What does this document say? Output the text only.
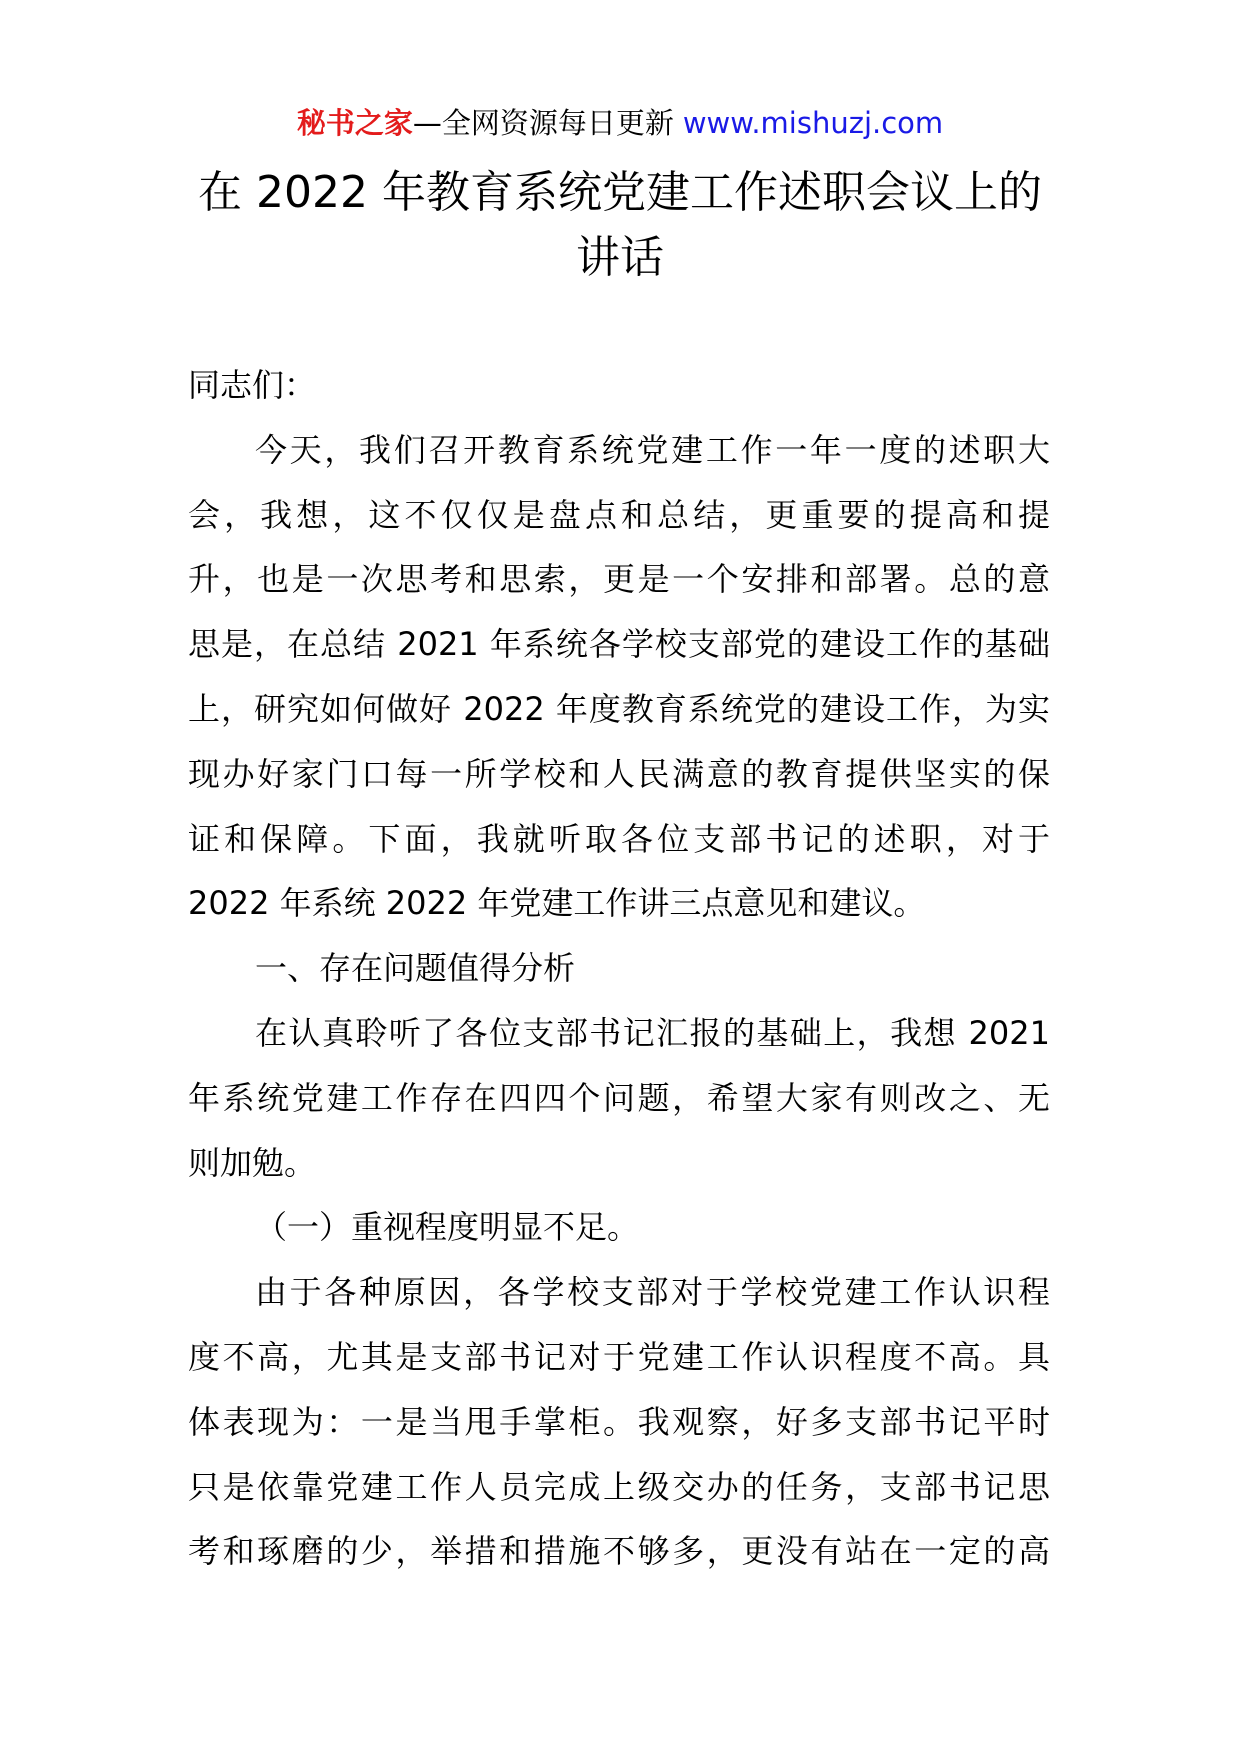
秘书之家—全网资源每日更新 www.mishuzj.com
在 2022 年教育系统党建工作述职会议上的
讲话
同志们：
今天，我们召开教育系统党建工作一年一度的述职大
会，我想，这不仅仅是盘点和总结，更重要的提高和提
升，也是一次思考和思索，更是一个安排和部署。总的意
思是，在总结 2021 年系统各学校支部党的建设工作的基础
上，研究如何做好 2022 年度教育系统党的建设工作，为实
现办好家门口每一所学校和人民满意的教育提供坚实的保
证和保障。下面，我就听取各位支部书记的述职，对于
2022 年系统 2022 年党建工作讲三点意见和建议。
一、存在问题值得分析
在认真聆听了各位支部书记汇报的基础上，我想 2021
年系统党建工作存在四四个问题，希望大家有则改之、无
则加勉。
（一）重视程度明显不足。
由于各种原因，各学校支部对于学校党建工作认识程
度不高，尤其是支部书记对于党建工作认识程度不高。具
体表现为：一是当甩手掌柜。我观察，好多支部书记平时
只是依靠党建工作人员完成上级交办的任务，支部书记思
考和琢磨的少，举措和措施不够多，更没有站在一定的高
